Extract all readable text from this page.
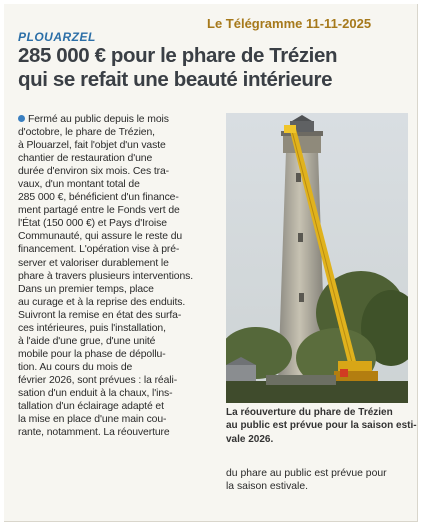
Le Télégramme 11-11-2025
PLOUARZEL
285 000 € pour le phare de Trézien
qui se refait une beauté intérieure
Fermé au public depuis le mois
d'octobre, le phare de Trézien,
à Plouarzel, fait l'objet d'un vaste
chantier de restauration d'une
durée d'environ six mois. Ces tra-
vaux, d'un montant total de
285 000 €, bénéficient d'un finance-
ment partagé entre le Fonds vert de
l'État (150 000 €) et Pays d'Iroise
Communauté, qui assure le reste du
financement. L'opération vise à pré-
server et valoriser durablement le
phare à travers plusieurs interventions.
Dans un premier temps, place
au curage et à la reprise des enduits.
Suivront la remise en état des surfa-
ces intérieures, puis l'installation,
à l'aide d'une grue, d'une unité
mobile pour la phase de dépollu-
tion. Au cours du mois de
février 2026, sont prévues : la réali-
sation d'un enduit à la chaux, l'ins-
tallation d'un éclairage adapté et
la mise en place d'une main cou-
rante, notamment. La réouverture
La réouverture du phare de Trézien
au public est prévue pour la saison esti-
vale 2026.
du phare au public est prévue pour
la saison estivale.
